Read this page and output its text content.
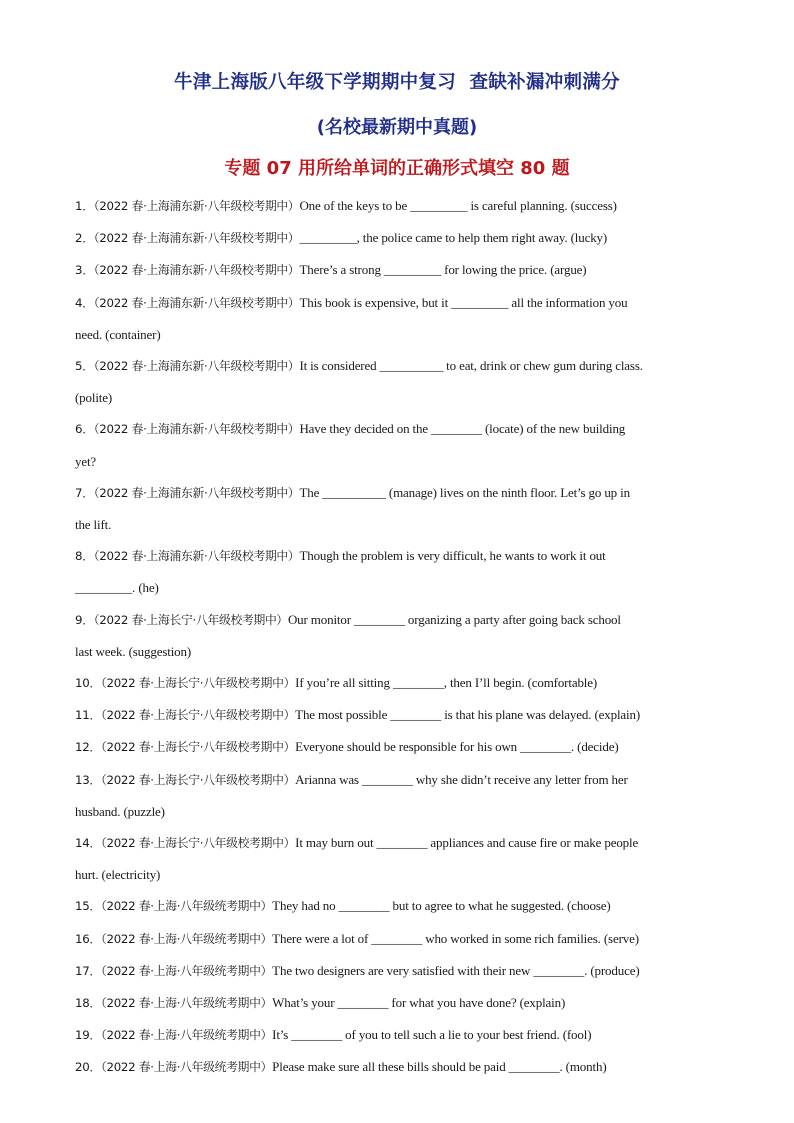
牛津上海版八年级下学期期中复习  查缺补漏冲刺满分
(名校最新期中真题)
专题 07 用所给单词的正确形式填空 80 题
1．（2022 春·上海浦东新·八年级校考期中）One of the keys to be _________ is careful planning. (success)
2．（2022 春·上海浦东新·八年级校考期中）_________, the police came to help them right away. (lucky)
3．（2022 春·上海浦东新·八年级校考期中）There’s a strong _________ for lowing the price. (argue)
4．（2022 春·上海浦东新·八年级校考期中）This book is expensive, but it _________ all the information you
need. (container)
5．（2022 春·上海浦东新·八年级校考期中）It is considered __________ to eat, drink or chew gum during class.
(polite)
6．（2022 春·上海浦东新·八年级校考期中）Have they decided on the ________ (locate) of the new building
yet?
7．（2022 春·上海浦东新·八年级校考期中）The __________ (manage) lives on the ninth floor. Let’s go up in
the lift.
8．（2022 春·上海浦东新·八年级校考期中）Though the problem is very difficult, he wants to work it out
_________. (he)
9．（2022 春·上海长宁·八年级校考期中）Our monitor ________ organizing a party after going back school
last week. (suggestion)
10．（2022 春·上海长宁·八年级校考期中）If you’re all sitting ________, then I’ll begin. (comfortable)
11．（2022 春·上海长宁·八年级校考期中）The most possible ________ is that his plane was delayed. (explain)
12．（2022 春·上海长宁·八年级校考期中）Everyone should be responsible for his own ________. (decide)
13．（2022 春·上海长宁·八年级校考期中）Arianna was ________ why she didn’t receive any letter from her
husband. (puzzle)
14．（2022 春·上海长宁·八年级校考期中）It may burn out ________ appliances and cause fire or make people
hurt. (electricity)
15．（2022 春·上海·八年级统考期中）They had no ________ but to agree to what he suggested. (choose)
16．（2022 春·上海·八年级统考期中）There were a lot of ________ who worked in some rich families. (serve)
17．（2022 春·上海·八年级统考期中）The two designers are very satisfied with their new ________. (produce)
18．（2022 春·上海·八年级统考期中）What’s your ________ for what you have done? (explain)
19．（2022 春·上海·八年级统考期中）It’s ________ of you to tell such a lie to your best friend. (fool)
20．（2022 春·上海·八年级统考期中）Please make sure all these bills should be paid ________. (month)
